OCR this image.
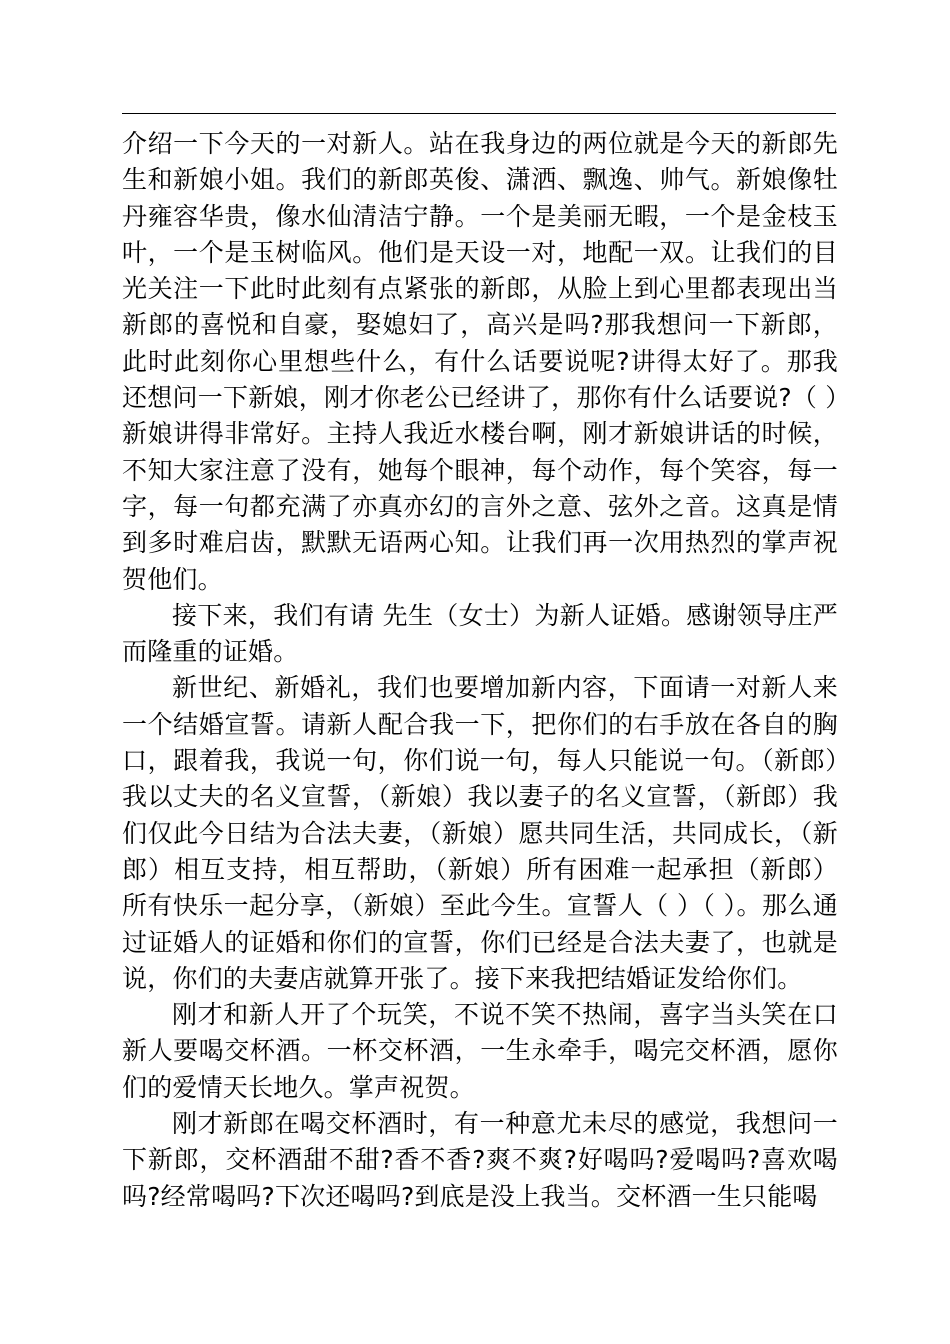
介绍一下今天的一对新人。站在我身边的两位就是今天的新郎先生和新娘小姐。我们的新郎英俊、潇洒、飘逸、帅气。新娘像牡丹雍容华贵，像水仙清洁宁静。一个是美丽无暇，一个是金枝玉叶，一个是玉树临风。他们是天设一对，地配一双。让我们的目光关注一下此时此刻有点紧张的新郎，从脸上到心里都表现出当新郎的喜悦和自豪，娶媳妇了，高兴是吗?那我想问一下新郎，此时此刻你心里想些什么，有什么话要说呢?讲得太好了。那我还想问一下新娘，刚才你老公已经讲了，那你有什么话要说?（ ）新娘讲得非常好。主持人我近水楼台啊，刚才新娘讲话的时候，不知大家注意了没有，她每个眼神，每个动作，每个笑容，每一字，每一句都充满了亦真亦幻的言外之意、弦外之音。这真是情到多时难启齿，默默无语两心知。让我们再一次用热烈的掌声祝贺他们。

接下来，我们有请 先生（女士）为新人证婚。感谢领导庄严而隆重的证婚。

新世纪、新婚礼，我们也要增加新内容，下面请一对新人来一个结婚宣誓。请新人配合我一下，把你们的右手放在各自的胸口，跟着我，我说一句，你们说一句，每人只能说一句。（新郎）我以丈夫的名义宣誓，（新娘）我以妻子的名义宣誓，（新郎）我们仅此今日结为合法夫妻，（新娘）愿共同生活，共同成长，（新郎）相互支持，相互帮助，（新娘）所有困难一起承担（新郎）所有快乐一起分享，（新娘）至此今生。宣誓人（ ）（ ）。那么通过证婚人的证婚和你们的宣誓，你们已经是合法夫妻了，也就是说，你们的夫妻店就算开张了。接下来我把结婚证发给你们。

刚才和新人开了个玩笑，不说不笑不热闹，喜字当头笑在口新人要喝交杯酒。一杯交杯酒，一生永牵手，喝完交杯酒，愿你们的爱情天长地久。掌声祝贺。

刚才新郎在喝交杯酒时，有一种意尤未尽的感觉，我想问一下新郎，交杯酒甜不甜?香不香?爽不爽?好喝吗?爱喝吗?喜欢喝吗?经常喝吗?下次还喝吗?到底是没上我当。交杯酒一生只能喝
